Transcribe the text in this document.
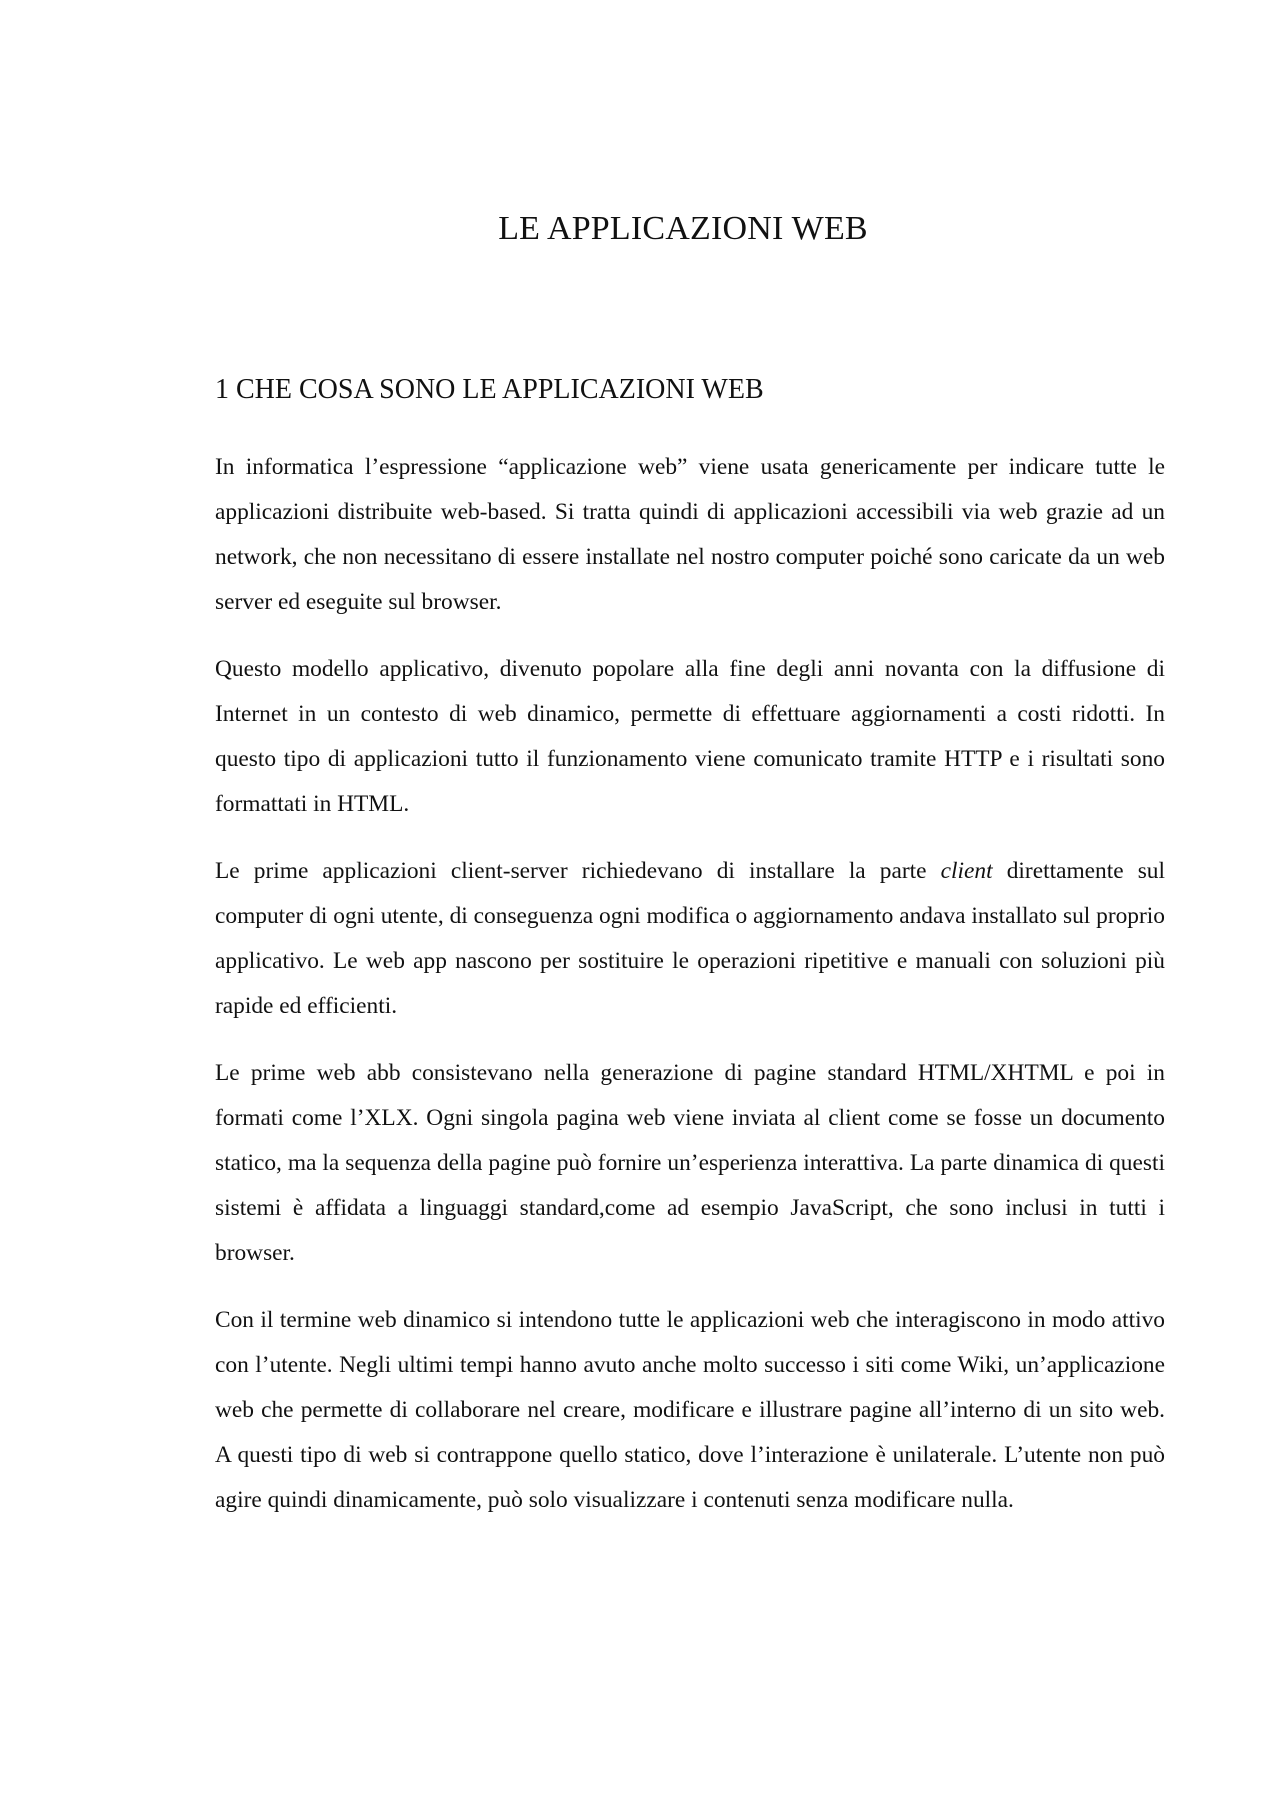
LE APPLICAZIONI WEB
1 CHE COSA SONO LE APPLICAZIONI WEB

In informatica l’espressione “applicazione web” viene usata genericamente per indicare tutte le applicazioni distribuite web-based. Si tratta quindi di applicazioni accessibili via web grazie ad un network, che non necessitano di essere installate nel nostro computer poiché sono caricate da un web server ed eseguite sul browser.

Questo modello applicativo, divenuto popolare alla fine degli anni novanta con la diffusione di Internet in un contesto di web dinamico, permette di effettuare aggiornamenti a costi ridotti. In questo tipo di applicazioni tutto il funzionamento viene comunicato tramite HTTP e i risultati sono formattati in HTML.

Le prime applicazioni client-server richiedevano di installare la parte client direttamente sul computer di ogni utente, di conseguenza ogni modifica o aggiornamento andava installato sul proprio applicativo. Le web app nascono per sostituire le operazioni ripetitive e manuali con soluzioni più rapide ed efficienti.

Le prime web abb consistevano nella generazione di pagine standard HTML/XHTML e poi in formati come l’XLX. Ogni singola pagina web viene inviata al client come se fosse un documento statico, ma la sequenza della pagine può fornire un’esperienza interattiva. La parte dinamica di questi sistemi è affidata a linguaggi standard,come ad esempio JavaScript, che sono inclusi in tutti i browser.

Con il termine web dinamico si intendono tutte le applicazioni web che interagiscono in modo attivo con l’utente. Negli ultimi tempi hanno avuto anche molto successo i siti come Wiki, un’applicazione web che permette di collaborare nel creare, modificare e illustrare pagine all’interno di un sito web. A questi tipo di web si contrappone quello statico, dove l’interazione è unilaterale. L’utente non può agire quindi dinamicamente, può solo visualizzare i contenuti senza modificare nulla.
